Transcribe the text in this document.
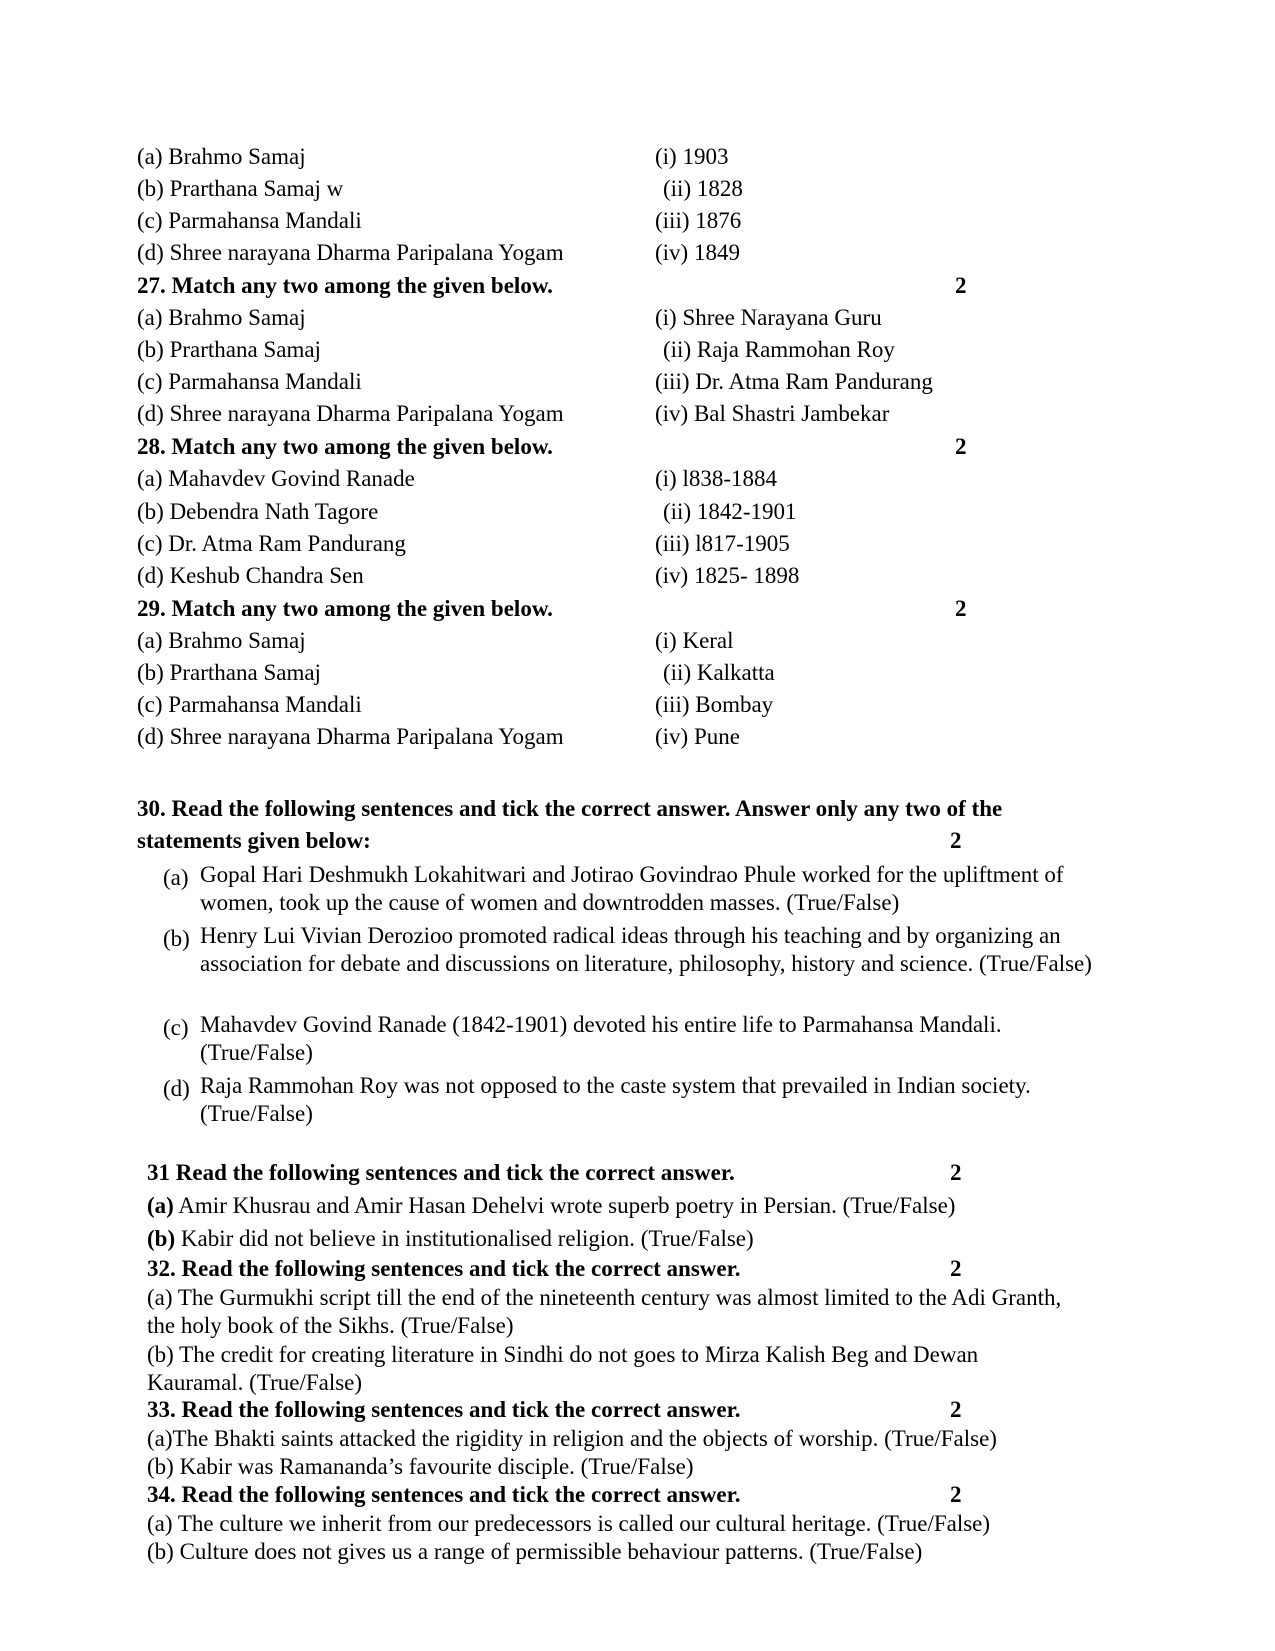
(a) Brahmo Samaj	(i) 1903
(b) Prarthana Samaj w	(ii) 1828
(c) Parmahansa Mandali	(iii) 1876
(d) Shree narayana Dharma Paripalana Yogam	(iv) 1849
27. Match any two among the given below.	2
(a) Brahmo Samaj	(i) Shree Narayana Guru
(b) Prarthana Samaj	(ii) Raja Rammohan Roy
(c) Parmahansa Mandali	(iii) Dr. Atma Ram Pandurang
(d) Shree narayana Dharma Paripalana Yogam	(iv) Bal Shastri Jambekar
28. Match any two among the given below.	2
(a) Mahavdev Govind Ranade	(i) l838-1884
(b) Debendra Nath Tagore	(ii) 1842-1901
(c) Dr. Atma Ram Pandurang	(iii) l817-1905
(d) Keshub Chandra Sen	(iv) 1825- 1898
29. Match any two among the given below.	2
(a) Brahmo Samaj	(i) Keral
(b) Prarthana Samaj	(ii) Kalkatta
(c) Parmahansa Mandali	(iii) Bombay
(d) Shree narayana Dharma Paripalana Yogam	(iv) Pune
30. Read the following sentences and tick the correct answer. Answer only any two of the
statements given below:	2
(a) Gopal Hari Deshmukh Lokahitwari and Jotirao Govindrao Phule worked for the upliftment of women, took up the cause of women and downtrodden masses. (True/False)
(b) Henry Lui Vivian Derozioo promoted radical ideas through his teaching and by organizing an association for debate and discussions on literature, philosophy, history and science. (True/False)
(c) Mahavdev Govind Ranade (1842-1901) devoted his entire life to Parmahansa Mandali. (True/False)
(d) Raja Rammohan Roy was not opposed to the caste system that prevailed in Indian society. (True/False)
31 Read the following sentences and tick the correct answer.	2
(a) Amir Khusrau and Amir Hasan Dehelvi wrote superb poetry in Persian. (True/False)
(b) Kabir did not believe in institutionalised religion. (True/False)
32. Read the following sentences and tick the correct answer.	2
(a) The Gurmukhi script till the end of the nineteenth century was almost limited to the Adi Granth, the holy book of the Sikhs. (True/False)
(b) The credit for creating literature in Sindhi do not goes to Mirza Kalish Beg and Dewan Kauramal. (True/False)
33. Read the following sentences and tick the correct answer.	2
(a)The Bhakti saints attacked the rigidity in religion and the objects of worship. (True/False)
(b) Kabir was Ramananda’s favourite disciple. (True/False)
34. Read the following sentences and tick the correct answer.	2
(a) The culture we inherit from our predecessors is called our cultural heritage. (True/False)
(b) Culture does not gives us a range of permissible behaviour patterns. (True/False)
